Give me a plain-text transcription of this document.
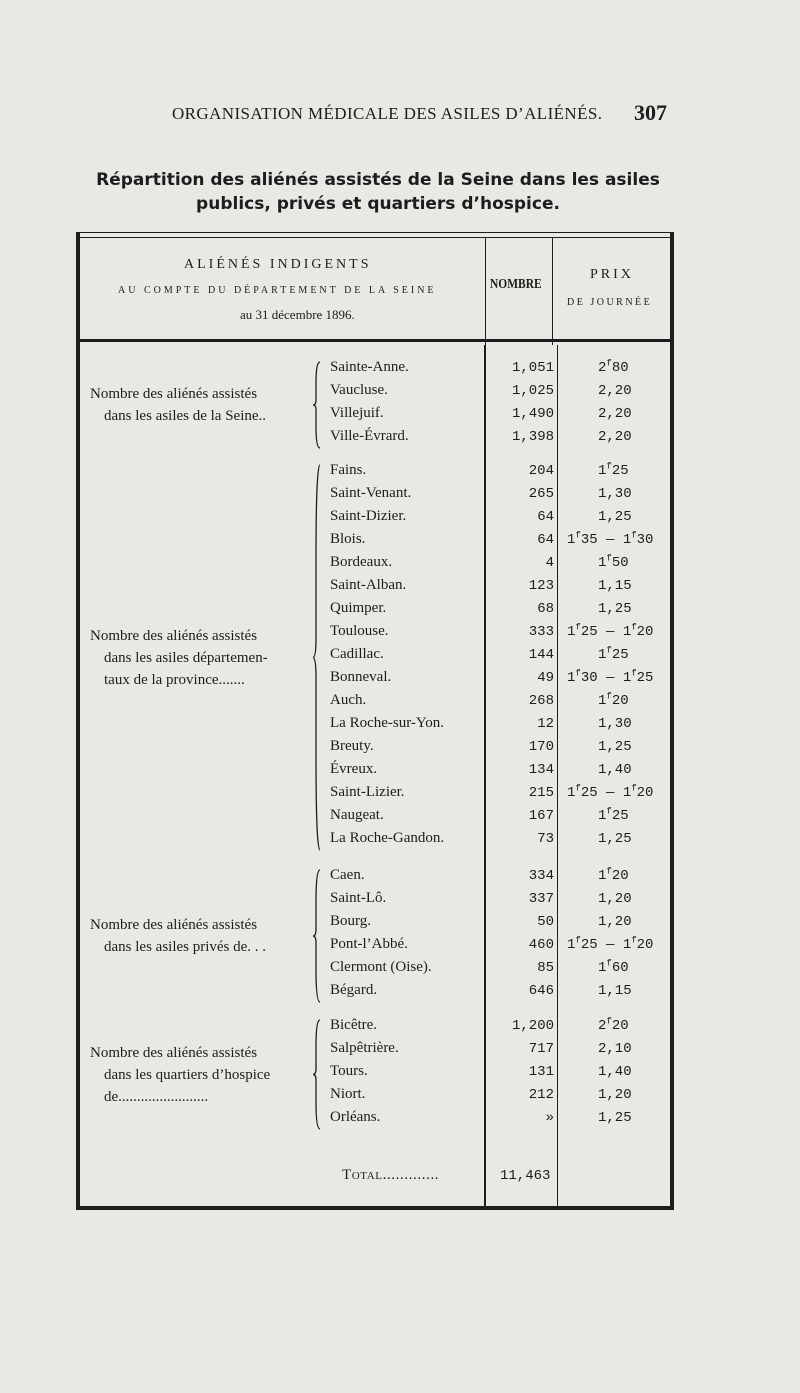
ORGANISATION MÉDICALE DES ASILES D’ALIÉNÉS. 307
Répartition des aliénés assistés de la Seine dans les asiles
publics, privés et quartiers d’hospice.
ALIÉNÉS INDIGENTS
AU COMPTE DU DÉPARTEMENT DE LA SEINE
au 31 décembre 1896.
NOMBRE
PRIX
DE JOURNÉE
Nombre des aliénés assistés
dans les asiles de la Seine..
Sainte-Anne.	1,051	2$^f$80
Vaucluse.	1,025	2,20
Villejuif.	1,490	2,20
Ville-Évrard.	1,398	2,20
Nombre des aliénés assistés
dans les asiles départemen-
taux de la province.......
Fains.	204	1$^f$25
Saint-Venant.	265	1,30
Saint-Dizier.	64	1,25
Blois.	64 1$^f$35 — 1$^f$30
Bordeaux.	4	1$^f$50
Saint-Alban.	123	1,15
Quimper.	68	1,25
Toulouse.	333 1$^f$25 — 1$^f$20
Cadillac.	144	1$^f$25
Bonneval.	49 1$^f$30 — 1$^f$25
Auch.	268	1$^f$20
La Roche-sur-Yon.	12	1,30
Breuty.	170	1,25
Évreux.	134	1,40
Saint-Lizier.	215 1$^f$25 — 1$^f$20
Naugeat.	167	1$^f$25
La Roche-Gandon.	73	1,25
Nombre des aliénés assistés
dans les asiles privés de. . .
Caen.	334	1$^f$20
Saint-Lô.	337	1,20
Bourg.	50	1,20
Pont-l’Abbé.	460 1$^f$25 — 1$^f$20
Clermont (Oise).	85	1$^f$60
Bégard.	646	1,15
Nombre des aliénés assistés
dans les quartiers d’hospice
de........................
Bicêtre.	1,200	2$^f$20
Salpêtrière.	717	2,10
Tours.	131	1,40
Niort.	212	1,20
Orléans.	»	1,25
Total.............	11,463
